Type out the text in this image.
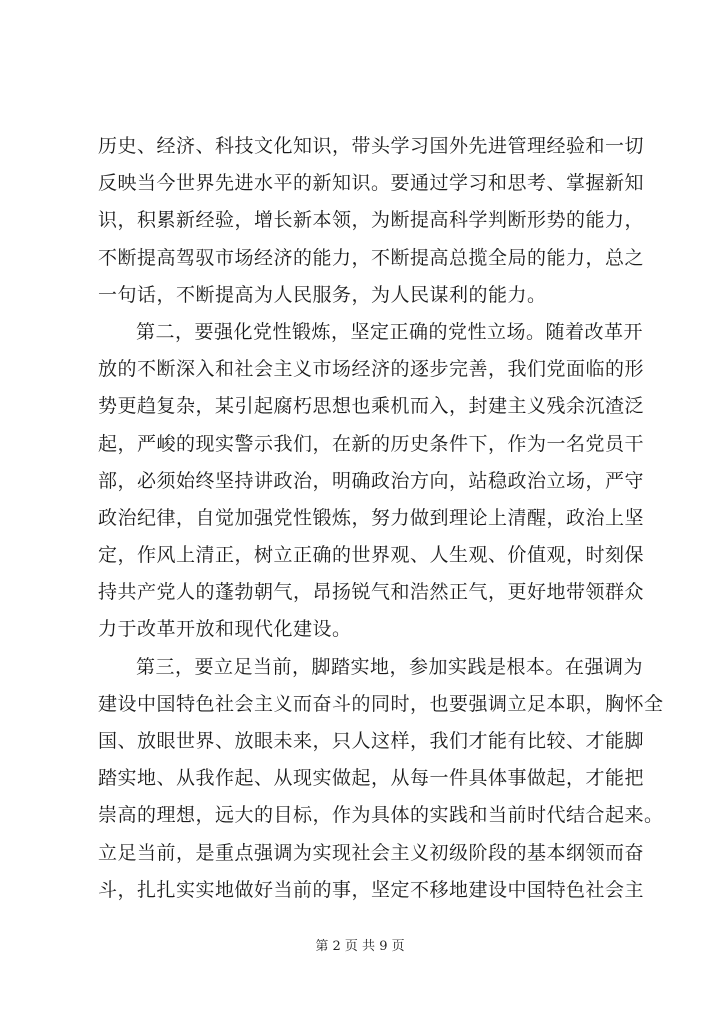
历史、经济、科技文化知识，带头学习国外先进管理经验和一切
反映当今世界先进水平的新知识。要通过学习和思考、掌握新知
识，积累新经验，增长新本领，为断提高科学判断形势的能力，
不断提高驾驭市场经济的能力，不断提高总揽全局的能力，总之
一句话，不断提高为人民服务，为人民谋利的能力。
第二，要强化党性锻炼，坚定正确的党性立场。随着改革开
放的不断深入和社会主义市场经济的逐步完善，我们党面临的形
势更趋复杂，某引起腐朽思想也乘机而入，封建主义残余沉渣泛
起，严峻的现实警示我们，在新的历史条件下，作为一名党员干
部，必须始终坚持讲政治，明确政治方向，站稳政治立场，严守
政治纪律，自觉加强党性锻炼，努力做到理论上清醒，政治上坚
定，作风上清正，树立正确的世界观、人生观、价值观，时刻保
持共产党人的蓬勃朝气，昂扬锐气和浩然正气，更好地带领群众
力于改革开放和现代化建设。
第三，要立足当前，脚踏实地，参加实践是根本。在强调为
建设中国特色社会主义而奋斗的同时，也要强调立足本职，胸怀全
国、放眼世界、放眼未来，只人这样，我们才能有比较、才能脚
踏实地、从我作起、从现实做起，从每一件具体事做起，才能把
崇高的理想，远大的目标，作为具体的实践和当前时代结合起来。
立足当前，是重点强调为实现社会主义初级阶段的基本纲领而奋
斗，扎扎实实地做好当前的事，坚定不移地建设中国特色社会主
第 2 页 共 9 页
